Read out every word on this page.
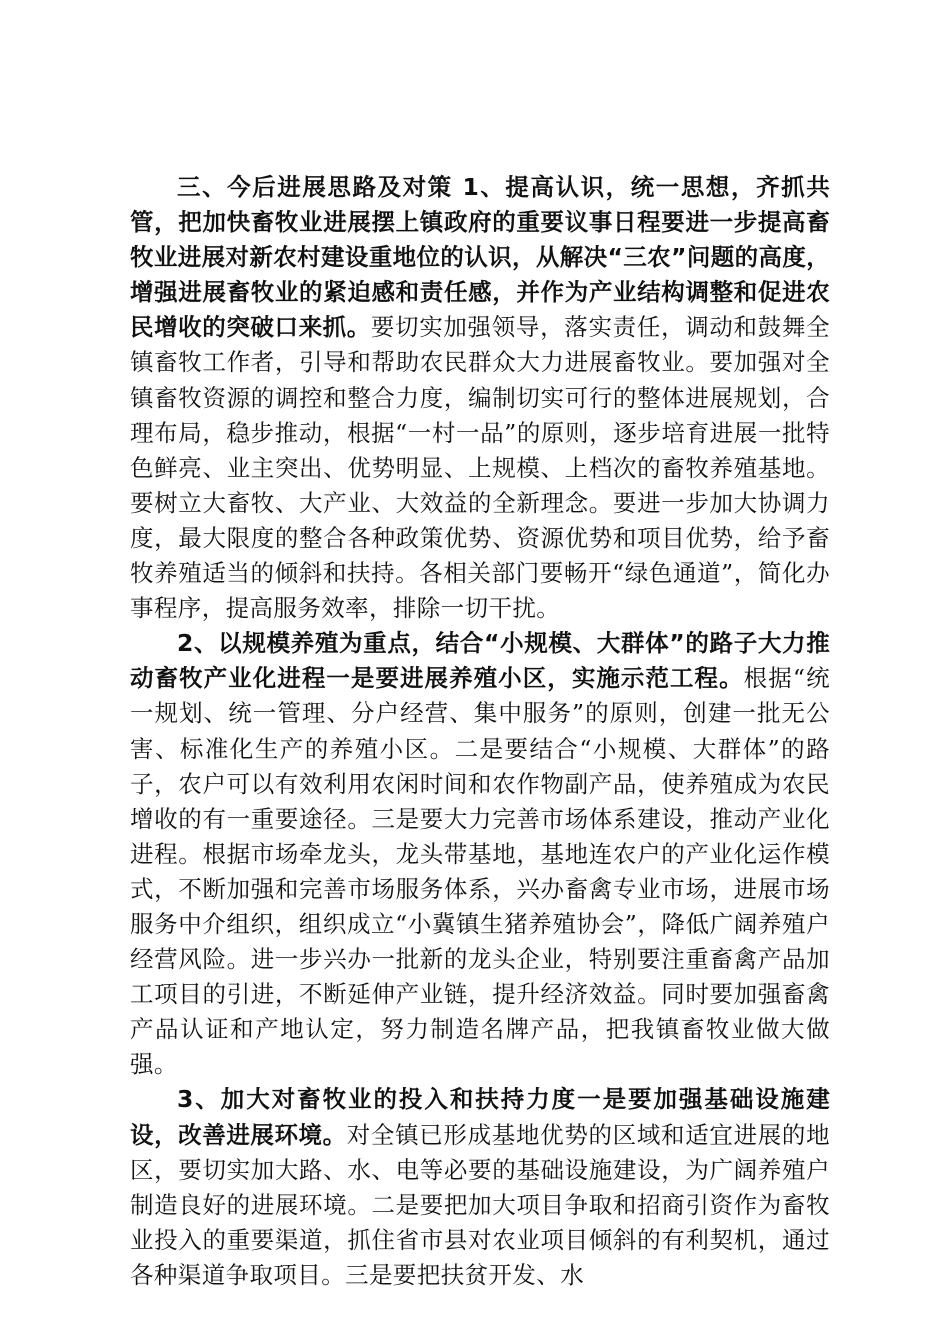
三、今后进展思路及对策 1、提高认识，统一思想，齐抓共管，把加快畜牧业进展摆上镇政府的重要议事日程要进一步提高畜牧业进展对新农村建设重地位的认识，从解决“三农”问题的高度，增强进展畜牧业的紧迫感和责任感，并作为产业结构调整和促进农民增收的突破口来抓。要切实加强领导，落实责任，调动和鼓舞全镇畜牧工作者，引导和帮助农民群众大力进展畜牧业。要加强对全镇畜牧资源的调控和整合力度，编制切实可行的整体进展规划，合理布局，稳步推动，根据“一村一品”的原则，逐步培育进展一批特色鲜亮、业主突出、优势明显、上规模、上档次的畜牧养殖基地。要树立大畜牧、大产业、大效益的全新理念。要进一步加大协调力度，最大限度的整合各种政策优势、资源优势和项目优势，给予畜牧养殖适当的倾斜和扶持。各相关部门要畅开“绿色通道”，简化办事程序，提高服务效率，排除一切干扰。

2、以规模养殖为重点，结合“小规模、大群体”的路子大力推动畜牧产业化进程一是要进展养殖小区，实施示范工程。根据“统一规划、统一管理、分户经营、集中服务”的原则，创建一批无公害、标准化生产的养殖小区。二是要结合“小规模、大群体”的路子，农户可以有效利用农闲时间和农作物副产品，使养殖成为农民增收的有一重要途径。三是要大力完善市场体系建设，推动产业化进程。根据市场牵龙头，龙头带基地，基地连农户的产业化运作模式，不断加强和完善市场服务体系，兴办畜禽专业市场，进展市场服务中介组织，组织成立“小冀镇生猪养殖协会”，降低广阔养殖户经营风险。进一步兴办一批新的龙头企业，特别要注重畜禽产品加工项目的引进，不断延伸产业链，提升经济效益。同时要加强畜禽产品认证和产地认定，努力制造名牌产品，把我镇畜牧业做大做强。

3、加大对畜牧业的投入和扶持力度一是要加强基础设施建设，改善进展环境。对全镇已形成基地优势的区域和适宜进展的地区，要切实加大路、水、电等必要的基础设施建设，为广阔养殖户制造良好的进展环境。二是要把加大项目争取和招商引资作为畜牧业投入的重要渠道，抓住省市县对农业项目倾斜的有利契机，通过各种渠道争取项目。三是要把扶贫开发、水
